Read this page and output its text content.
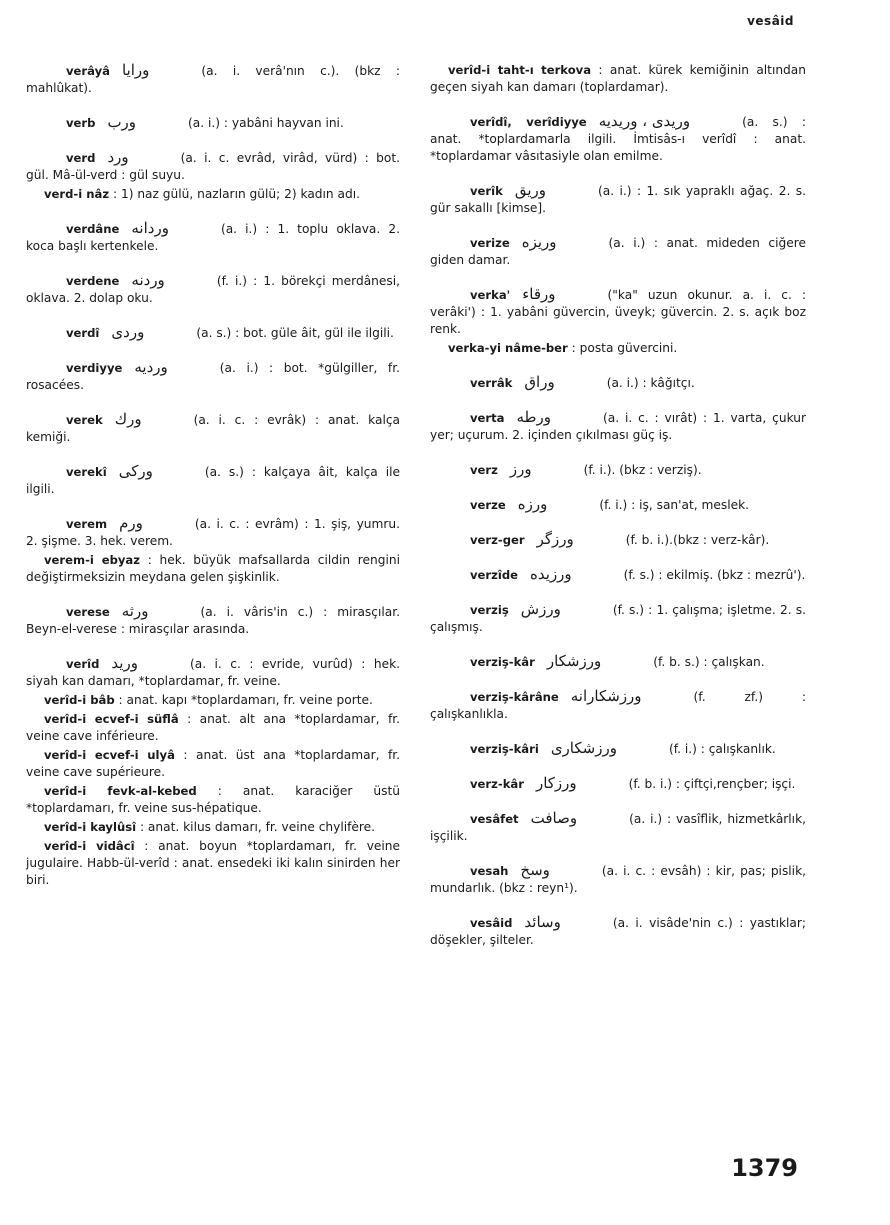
vesâid
verâyâ ورايا	(a. i. verâ'nın c.). (bkz : mahlûkat).
verb ورب	(a. i.) : yabâni hayvan ini.
verd ورد	(a. i. c. evrâd, virâd, vürd) : bot. gül. Mâ-ül-verd : gül suyu.
verd-i nâz : 1) naz gülü, nazların gülü; 2) kadın adı.
verdâne وردانه	(a. i.) : 1. toplu oklava. 2. koca başlı kertenkele.
verdene وردنه	(f. i.) : 1. börekçi merdânesi, oklava. 2. dolap oku.
verdî وردى	(a. s.) : bot. güle âit, gül ile ilgili.
verdiyye ورديه	(a. i.) : bot. *gülgiller, fr. rosacées.
verek ورك	(a. i. c. : evrâk) : anat. kalça kemiği.
verekî وركى	(a. s.) : kalçaya âit, kalça ile ilgili.
verem ورم	(a. i. c. : evrâm) : 1. şiş, yumru. 2. şişme. 3. hek. verem.
verem-i ebyaz : hek. büyük mafsallarda cildin rengini değiştirmeksizin meydana gelen şişkinlik.
verese ورثه	(a. i. vâris'in c.) : mirasçılar. Beyn-el-verese : mirasçılar arasında.
verîd وريد	(a. i. c. : evride, vurûd) : hek. siyah kan damarı, *toplardamar, fr. veine.
verîd-i bâb : anat. kapı *toplardamarı, fr. veine porte.
verîd-i ecvef-i süflâ : anat. alt ana *toplardamar, fr. veine cave inférieure.
verîd-i ecvef-i ulyâ : anat. üst ana *toplardamar, fr. veine cave supérieure.
verîd-i fevk-al-kebed : anat. karaciğer üstü *toplardamarı, fr. veine sus-hépatique.
verîd-i kaylûsî : anat. kilus damarı, fr. veine chylifère.
verîd-i vidâcî : anat. boyun *toplardamarı, fr. veine jugulaire. Habb-ül-verîd : anat. ensedeki iki kalın sinirden her biri.
verîd-i taht-ı terkova : anat. kürek kemiğinin altından geçen siyah kan damarı (toplardamar).
verîdî, verîdiyye وريدى ، وريديه	(a. s.) : anat. *toplardamarla ilgili. İmtisâs-ı verîdî : anat. *toplardamar vâsıtasiyle olan emilme.
verîk وريق	(a. i.) : 1. sık yapraklı ağaç. 2. s. gür sakallı [kimse].
verize وريزه	(a. i.) : anat. mideden ciğere giden damar.
verka' ورقاء	("ka" uzun okunur. a. i. c. : verâki') : 1. yabâni güvercin, üveyk; güvercin. 2. s. açık boz renk.
verka-yi nâme-ber : posta güvercini.
verrâk وراق	(a. i.) : kâğıtçı.
verta ورطه	(a. i. c. : vırât) : 1. varta, çukur yer; uçurum. 2. içinden çıkılması güç iş.
verz ورز	(f. i.). (bkz : verziş).
verze ورزه	(f. i.) : iş, san'at, meslek.
verz-ger ورزگر	(f. b. i.).(bkz : verz-kâr).
verzîde ورزيده	(f. s.) : ekilmiş. (bkz : mezrû').
verziş ورزش	(f. s.) : 1. çalışma; işletme. 2. s. çalışmış.
verziş-kâr ورزشكار	(f. b. s.) : çalışkan.
verziş-kârâne ورزشكارانه	(f. zf.) : çalışkanlıkla.
verziş-kâri ورزشكارى	(f. i.) : çalışkanlık.
verz-kâr ورزكار	(f. b. i.) : çiftçi,rençber; işçi.
vesâfet وصافت	(a. i.) : vasîflik, hizmetkârlık, işçilik.
vesah وسخ	(a. i. c. : evsâh) : kir, pas; pislik, mundarlık. (bkz : reyn¹).
vesâid وسائد	(a. i. visâde'nin c.) : yastıklar; döşekler, şilteler.
1379
